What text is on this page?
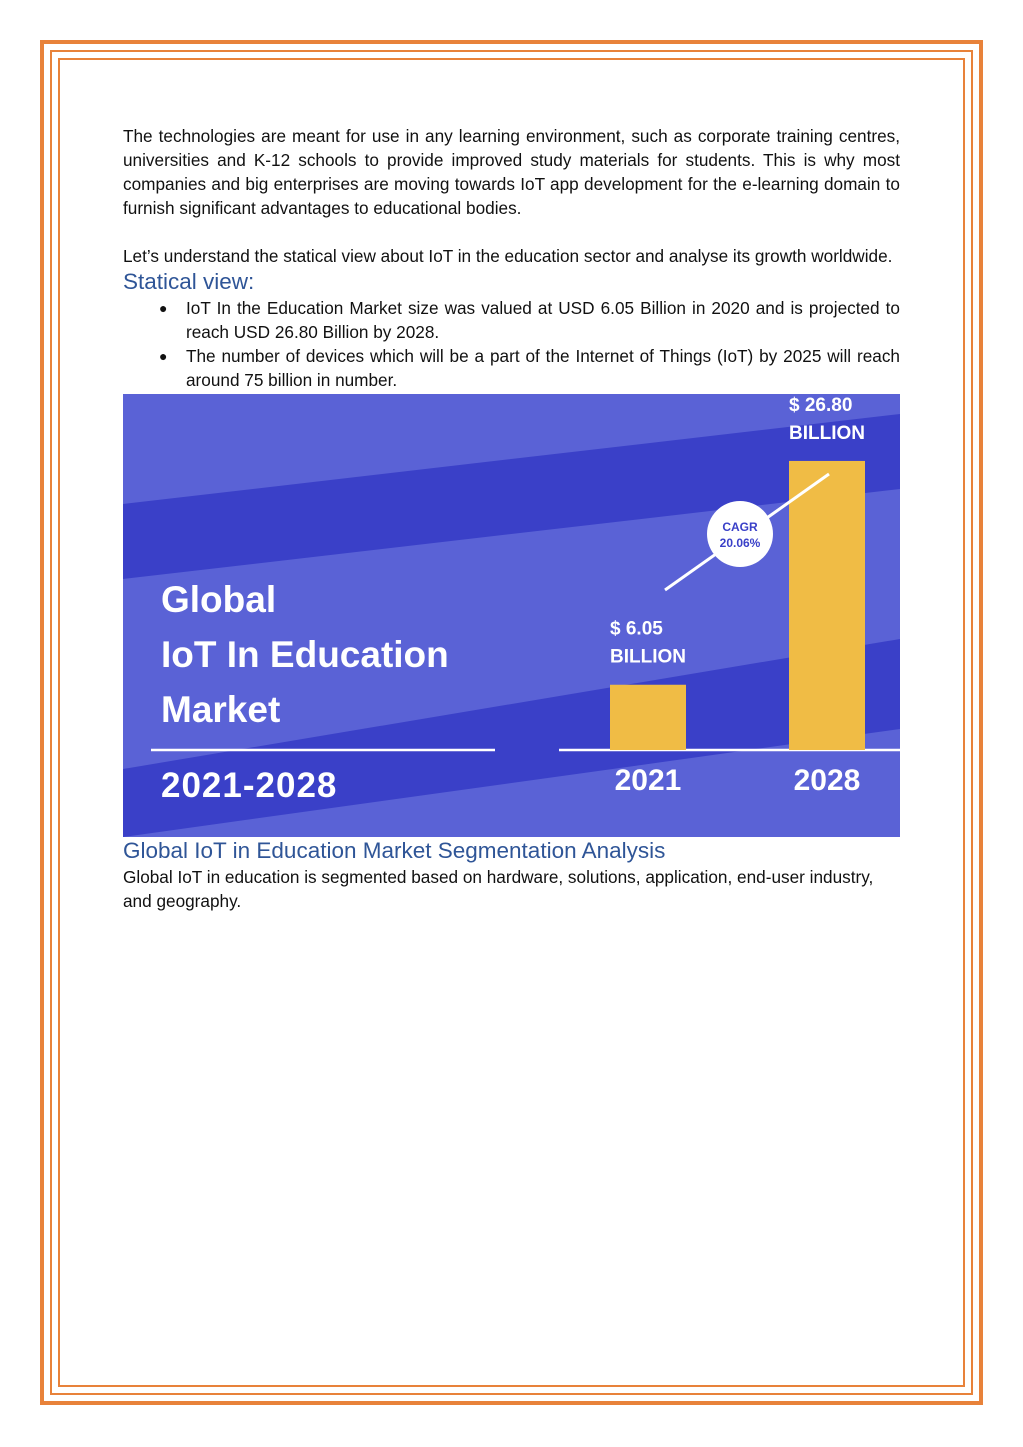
The technologies are meant for use in any learning environment, such as corporate training centres, universities and K-12 schools to provide improved study materials for students. This is why most companies and big enterprises are moving towards IoT app development for the e-learning domain to furnish significant advantages to educational bodies.

Let’s understand the statical view about IoT in the education sector and analyse its growth worldwide.

Statical view:
● IoT In the Education Market size was valued at USD 6.05 Billion in 2020 and is projected to reach USD 26.80 Billion by 2028.
● The number of devices which will be a part of the Internet of Things (IoT) by 2025 will reach around 75 billion in number.
Global
IoT In Education
Market
2021-2028
$ 6.05
BILLION
2021
$ 26.80
BILLION
2028
CAGR
20.06%
Global IoT in Education Market Segmentation Analysis

Global IoT in education is segmented based on hardware, solutions, application, end-user industry, and geography.
